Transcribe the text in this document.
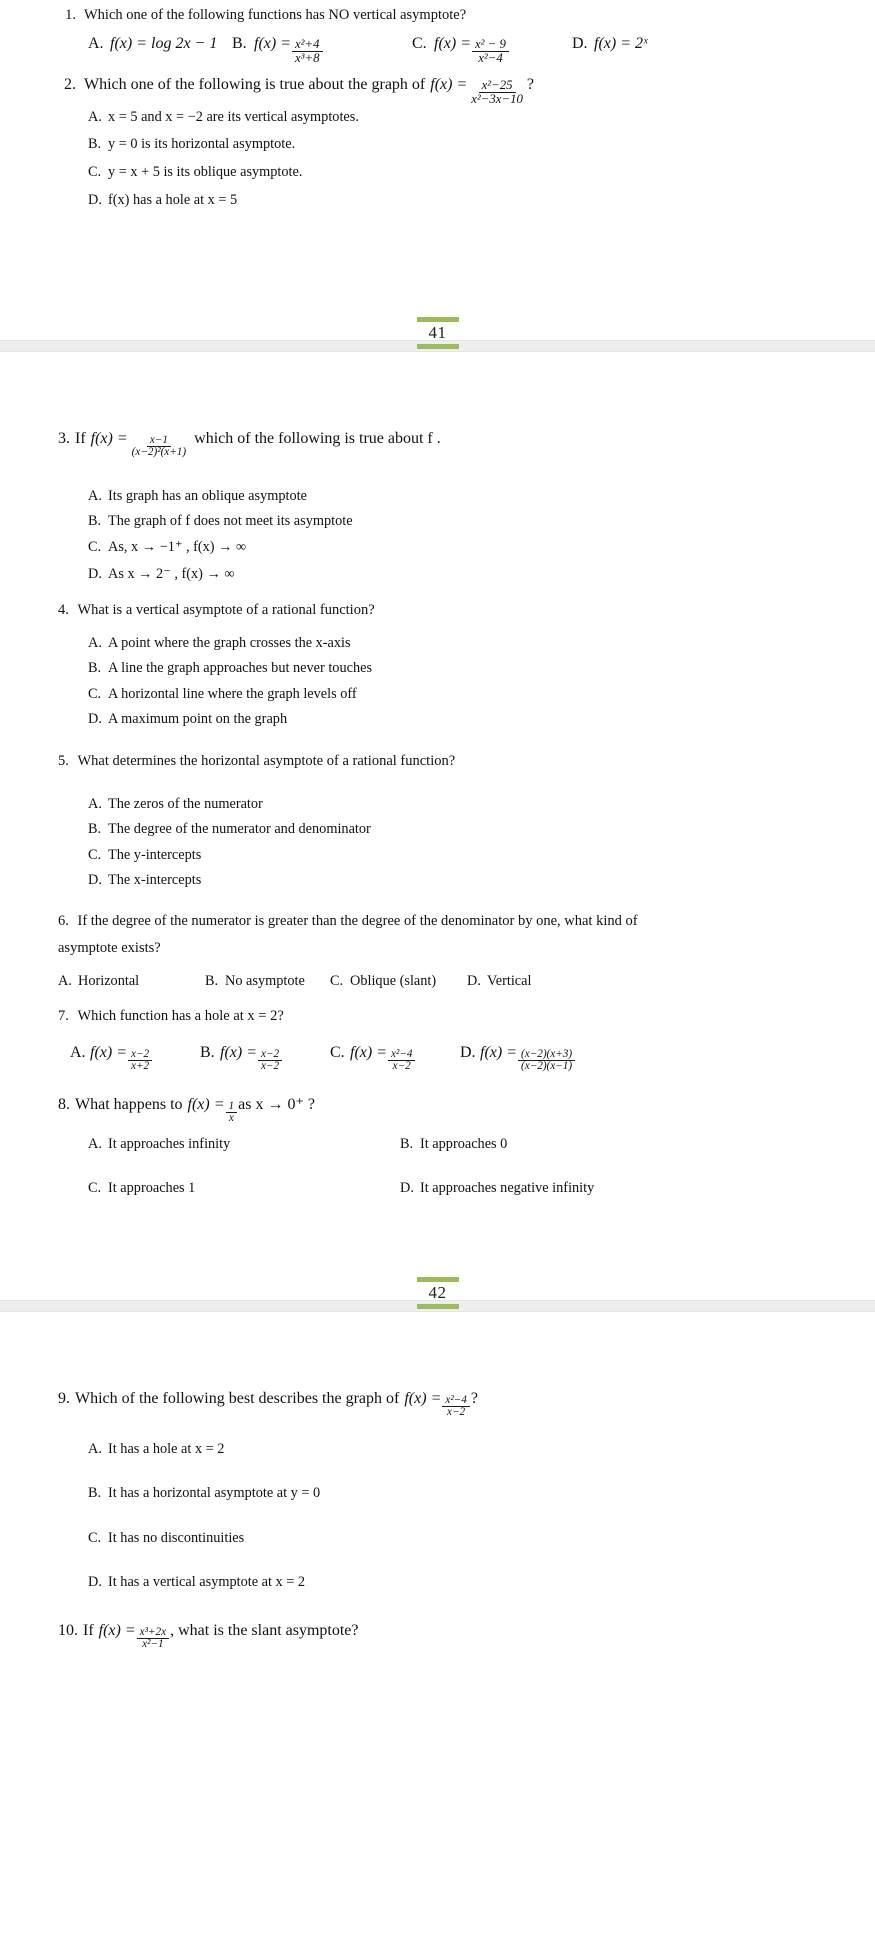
1. Which one of the following functions has NO vertical asymptote?
A. f(x) = log 2x − 1 B. $f(x) = \frac{\text{x²+4}}{\text{x³+8}}$	C. $f(x) = \frac{\text{x² − 9}}{\text{x²−4}}$	D. f(x) = 2ˣ
2. Which one of the following is true about the graph of $f(x) = \frac{\text{x²−25}}{\text{x²−3x−10}}$ ?
A. x = 5 and x = −2 are its vertical asymptotes.
B. y = 0 is its horizontal asymptote.
C. y = x + 5 is its oblique asymptote.
D. f(x) has a hole at x = 5
41
3. If $f(x) = \frac{x-1}{\text{(x−2)²(x+1)}}$ which of the following is true about f .
A. Its graph has an oblique asymptote
B. The graph of f does not meet its asymptote
C. As, x → −1⁺ , f(x) → ∞
D. As x → 2⁻ , f(x) → ∞
4. What is a vertical asymptote of a rational function?
A. A point where the graph crosses the x-axis
B. A line the graph approaches but never touches
C. A horizontal line where the graph levels off
D. A maximum point on the graph
5. What determines the horizontal asymptote of a rational function?
A. The zeros of the numerator
B. The degree of the numerator and denominator
C. The y-intercepts
D. The x-intercepts
6. If the degree of the numerator is greater than the degree of the denominator by one, what kind of
asymptote exists?
A. Horizontal	B. No asymptote C. Oblique (slant) D. Vertical
7. Which function has a hole at x = 2?
A. $f(x) = \frac{x-2}{x+2}$	B. $f(x) = \frac{x-2}{x-2}$	C. $f(x) = \frac{\text{x²−4}}{x-2}$	D. $f(x) = \frac{(x-2)(x+3)}{(x-2)(x-1)}$
8. What happens to $f(x) = \frac{1}{x}$ as x → 0⁺ ?
A. It approaches infinity	B. It approaches 0
C. It approaches 1	D. It approaches negative infinity
42
9. Which of the following best describes the graph of $f(x) = \frac{\text{x²−4}}{x-2}$ ?
A. It has a hole at x = 2
B. It has a horizontal asymptote at y = 0
C. It has no discontinuities
D. It has a vertical asymptote at x = 2
10. If $f(x) = \frac{\text{x³+2x}}{\text{x²−1}}$ , what is the slant asymptote?
